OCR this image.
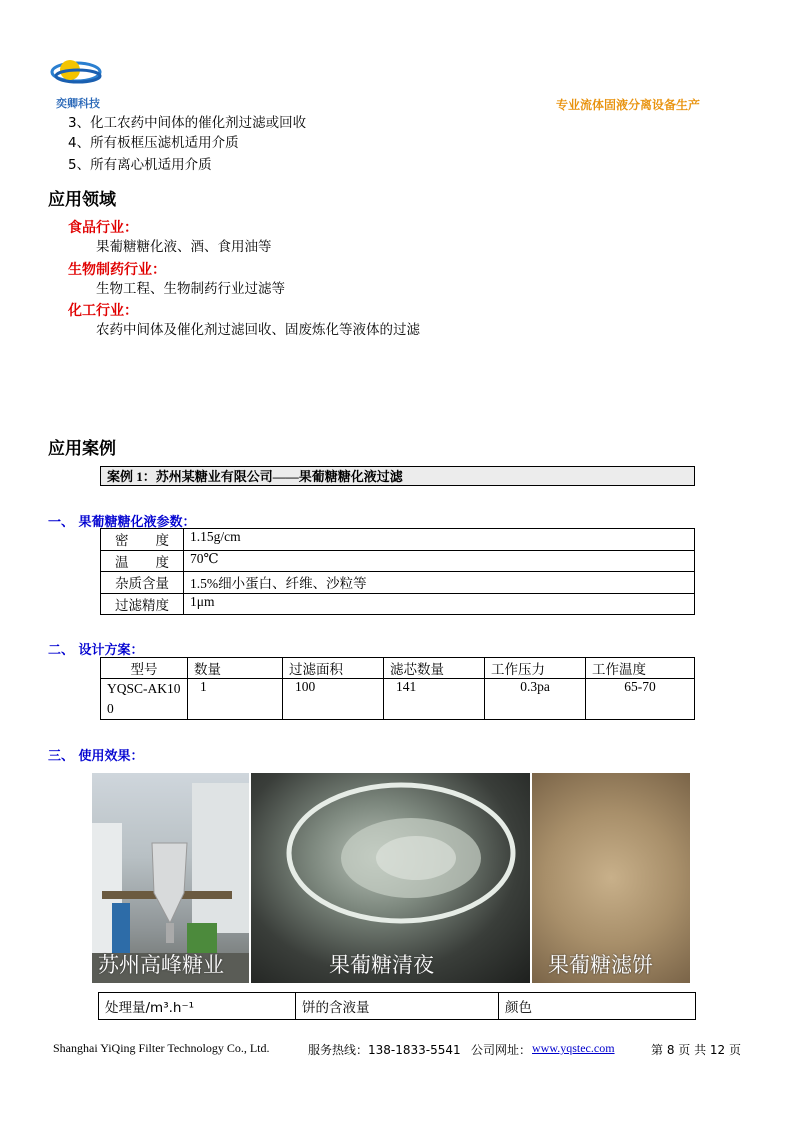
奕卿科技	专业流体固液分离设备生产
3、化工农药中间体的催化剂过滤或回收
4、所有板框压滤机适用介质
5、所有离心机适用介质
应用领域
食品行业：
果葡糖糖化液、酒、食用油等
生物制药行业：
生物工程、生物制药行业过滤等
化工行业：
农药中间体及催化剂过滤回收、固废炼化等液体的过滤
应用案例
案例 1：苏州某糖业有限公司——果葡糖糖化液过滤
一、 果葡糖糖化液参数：
密　　度	1.15g/cm
温　　度	70℃
杂质含量	1.5%细小蛋白、纤维、沙粒等
过滤精度	1μm
二、 设计方案：
型号	数量	过滤面积	滤芯数量	工作压力	工作温度
YQSC-AK100	1	100	141	0.3pa	65-70
三、 使用效果：
苏州高峰糖业	果葡糖清夜	果葡糖滤饼
处理量/m³.h⁻¹	饼的含液量	颜色
Shanghai YiQing Filter Technology Co., Ltd.	服务热线：138-1833-5541 公司网址： www.yqstec.com	第 8 页 共 12 页
